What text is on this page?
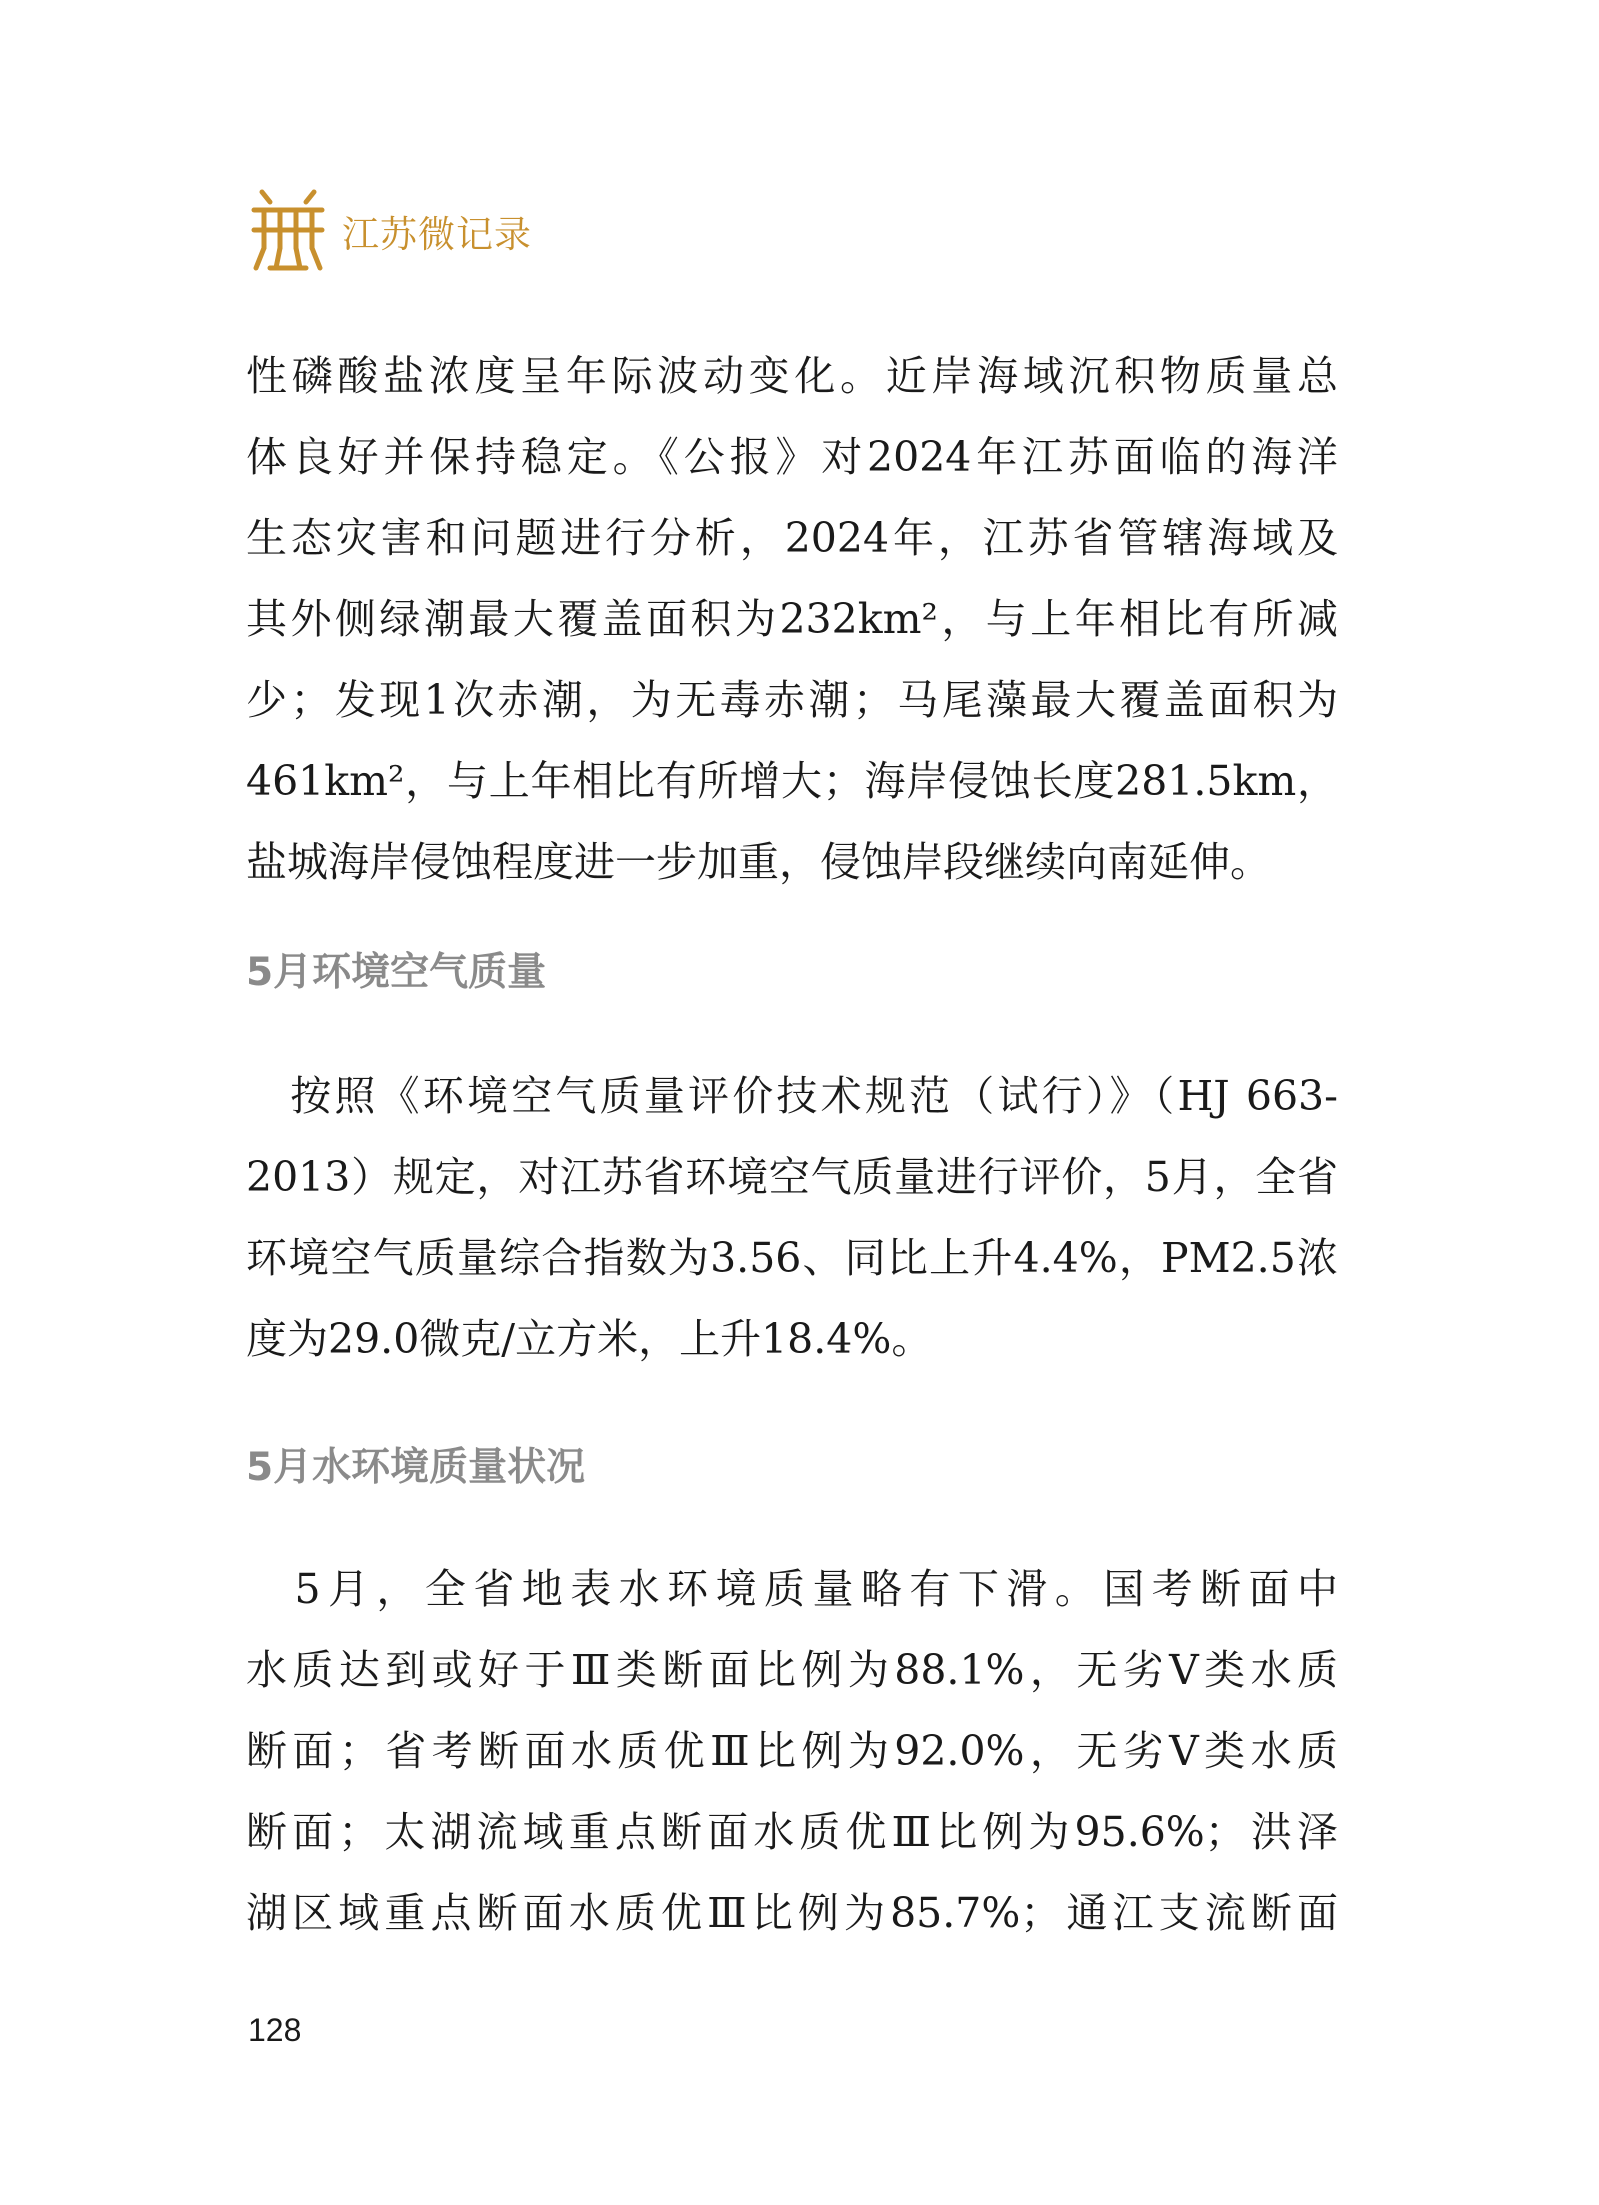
江苏微记录
性磷酸盐浓度呈年际波动变化。近岸海域沉积物质量总
体良好并保持稳定。《公报》对2024年江苏面临的海洋
生态灾害和问题进行分析，2024年，江苏省管辖海域及
其外侧绿潮最大覆盖面积为232km²，与上年相比有所减
少；发现1次赤潮，为无毒赤潮；马尾藻最大覆盖面积为
461km²，与上年相比有所增大；海岸侵蚀长度281.5km，
盐城海岸侵蚀程度进一步加重，侵蚀岸段继续向南延伸。
5月环境空气质量
　按照《环境空气质量评价技术规范（试行）》（HJ 663-
2013）规定，对江苏省环境空气质量进行评价，5月，全省
环境空气质量综合指数为3.56、同比上升4.4%，PM2.5浓
度为29.0微克/立方米，上升18.4%。
5月水环境质量状况
　5月，全省地表水环境质量略有下滑。国考断面中
水质达到或好于Ⅲ类断面比例为88.1%，无劣Ⅴ类水质
断面；省考断面水质优Ⅲ比例为92.0%，无劣Ⅴ类水质
断面；太湖流域重点断面水质优Ⅲ比例为95.6%；洪泽
湖区域重点断面水质优Ⅲ比例为85.7%；通江支流断面
128
